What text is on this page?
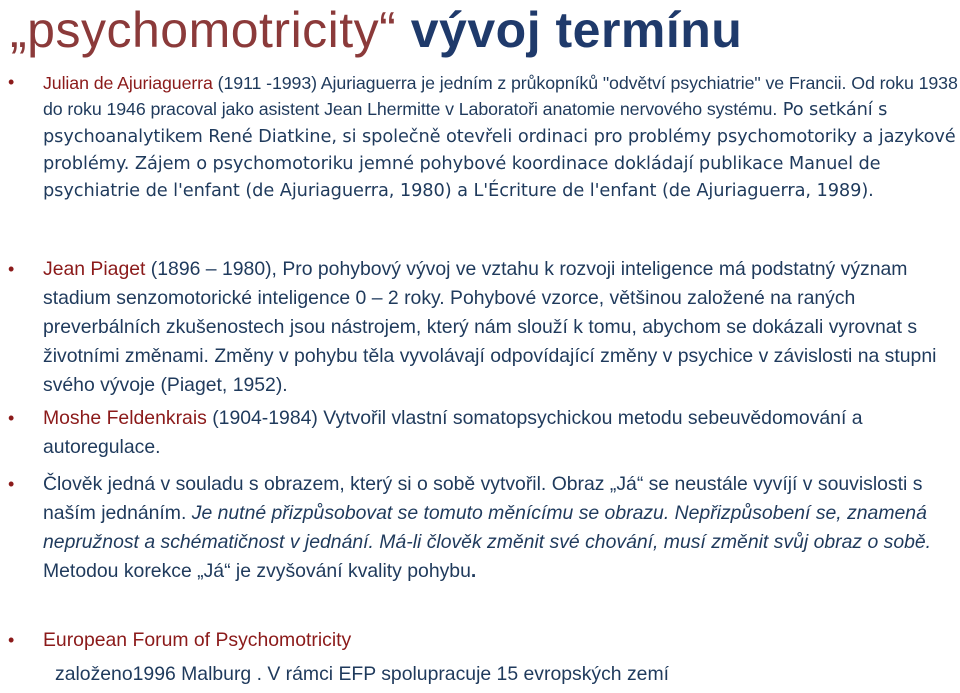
„psychomotricity“ vývoj termínu
• Julian de Ajuriaguerra (1911 -1993) Ajuriaguerra je jedním z průkopníků "odvětví psychiatrie" ve Francii. Od roku 1938 do roku 1946 pracoval jako asistent Jean Lhermitte v Laboratoři anatomie nervového systému. Po setkání s psychoanalytikem René Diatkine, si společně otevřeli ordinaci pro problémy psychomotoriky a jazykové problémy. Zájem o psychomotoriku jemné pohybové koordinace dokládají publikace Manuel de psychiatrie de l'enfant (de Ajuriaguerra, 1980) a L'Écriture de l'enfant (de Ajuriaguerra, 1989).
• Jean Piaget (1896 – 1980), Pro pohybový vývoj ve vztahu k rozvoji inteligence má podstatný význam stadium senzomotorické inteligence 0 – 2 roky. Pohybové vzorce, většinou založené na raných preverbálních zkušenostech jsou nástrojem, který nám slouží k tomu, abychom se dokázali vyrovnat s životními změnami. Změny v pohybu těla vyvolávají odpovídající změny v psychice v závislosti na stupni svého vývoje (Piaget, 1952).
• Moshe Feldenkrais (1904-1984) Vytvořil vlastní somatopsychickou metodu sebeuvědomování a autoregulace.
• Člověk jedná v souladu s obrazem, který si o sobě vytvořil. Obraz „Já“ se neustále vyvíjí v souvislosti s naším jednáním. Je nutné přizpůsobovat se tomuto měnícímu se obrazu. Nepřizpůsobení se, znamená nepružnost a schématičnost v jednání. Má-li člověk změnit své chování, musí změnit svůj obraz o sobě. Metodou korekce „Já“ je zvyšování kvality pohybu.
• European Forum of Psychomotricity
založeno1996 Malburg . V rámci EFP spolupracuje 15 evropských zemí
